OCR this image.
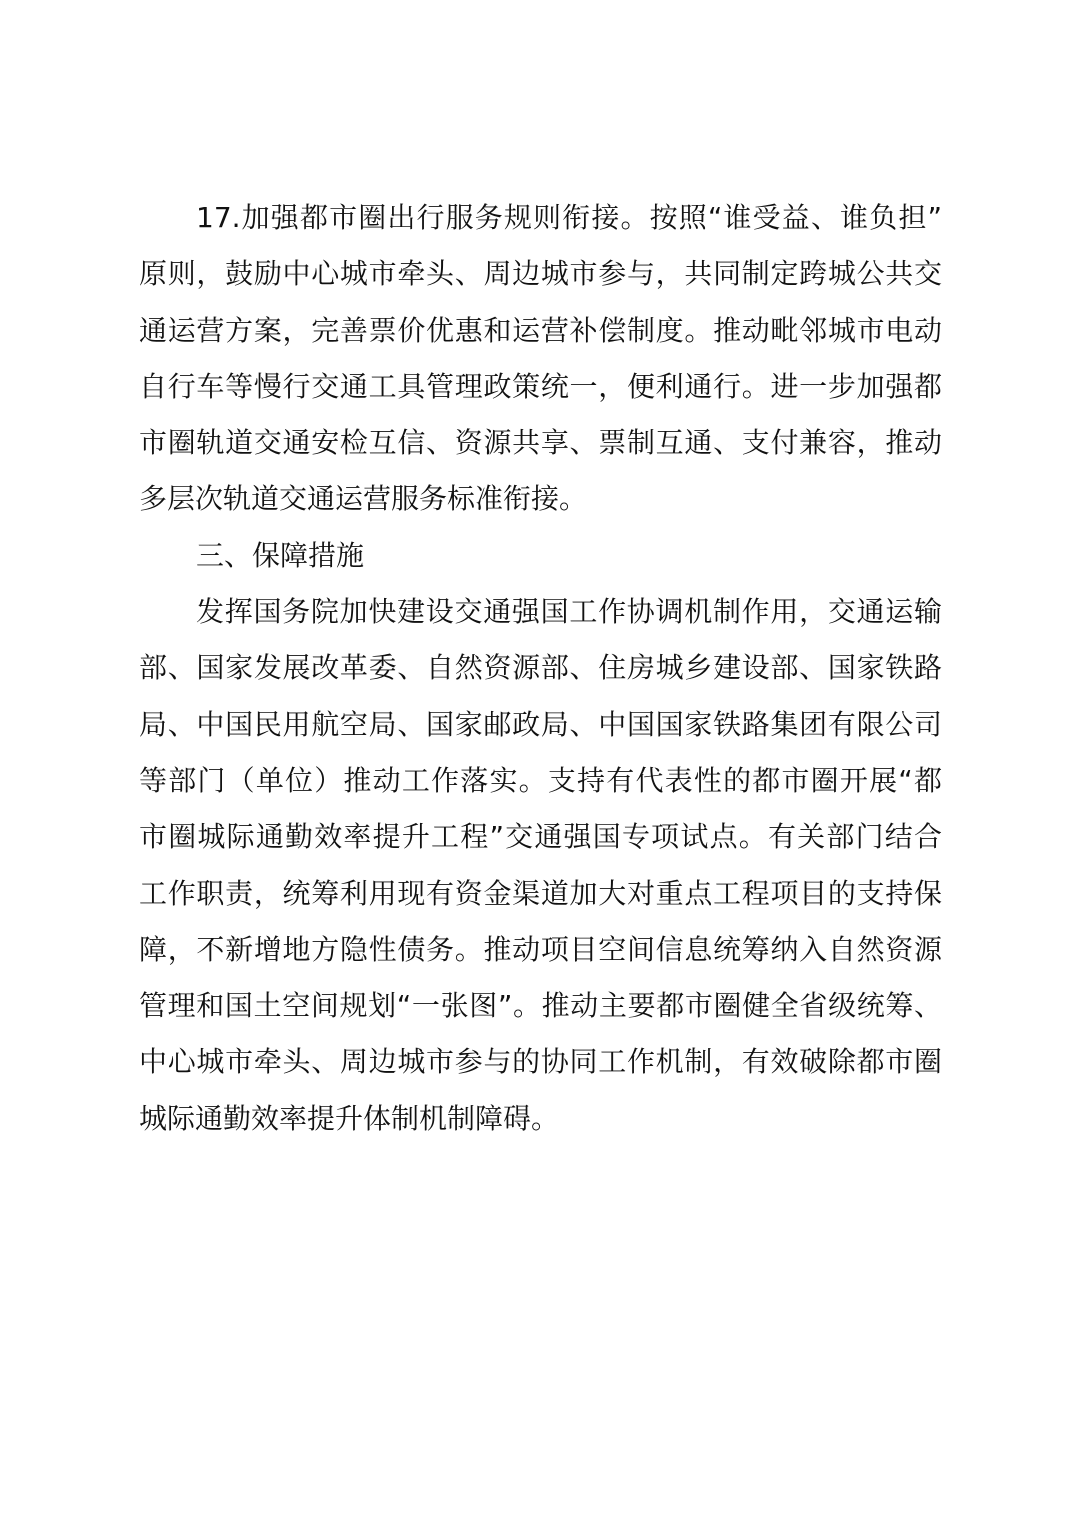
17.加强都市圈出行服务规则衔接。按照“谁受益、谁负担”
原则，鼓励中心城市牵头、周边城市参与，共同制定跨城公共交
通运营方案，完善票价优惠和运营补偿制度。推动毗邻城市电动
自行车等慢行交通工具管理政策统一，便利通行。进一步加强都
市圈轨道交通安检互信、资源共享、票制互通、支付兼容，推动
多层次轨道交通运营服务标准衔接。
三、保障措施
发挥国务院加快建设交通强国工作协调机制作用，交通运输
部、国家发展改革委、自然资源部、住房城乡建设部、国家铁路
局、中国民用航空局、国家邮政局、中国国家铁路集团有限公司
等部门（单位）推动工作落实。支持有代表性的都市圈开展“都
市圈城际通勤效率提升工程”交通强国专项试点。有关部门结合
工作职责，统筹利用现有资金渠道加大对重点工程项目的支持保
障，不新增地方隐性债务。推动项目空间信息统筹纳入自然资源
管理和国土空间规划“一张图”。推动主要都市圈健全省级统筹、
中心城市牵头、周边城市参与的协同工作机制，有效破除都市圈
城际通勤效率提升体制机制障碍。
